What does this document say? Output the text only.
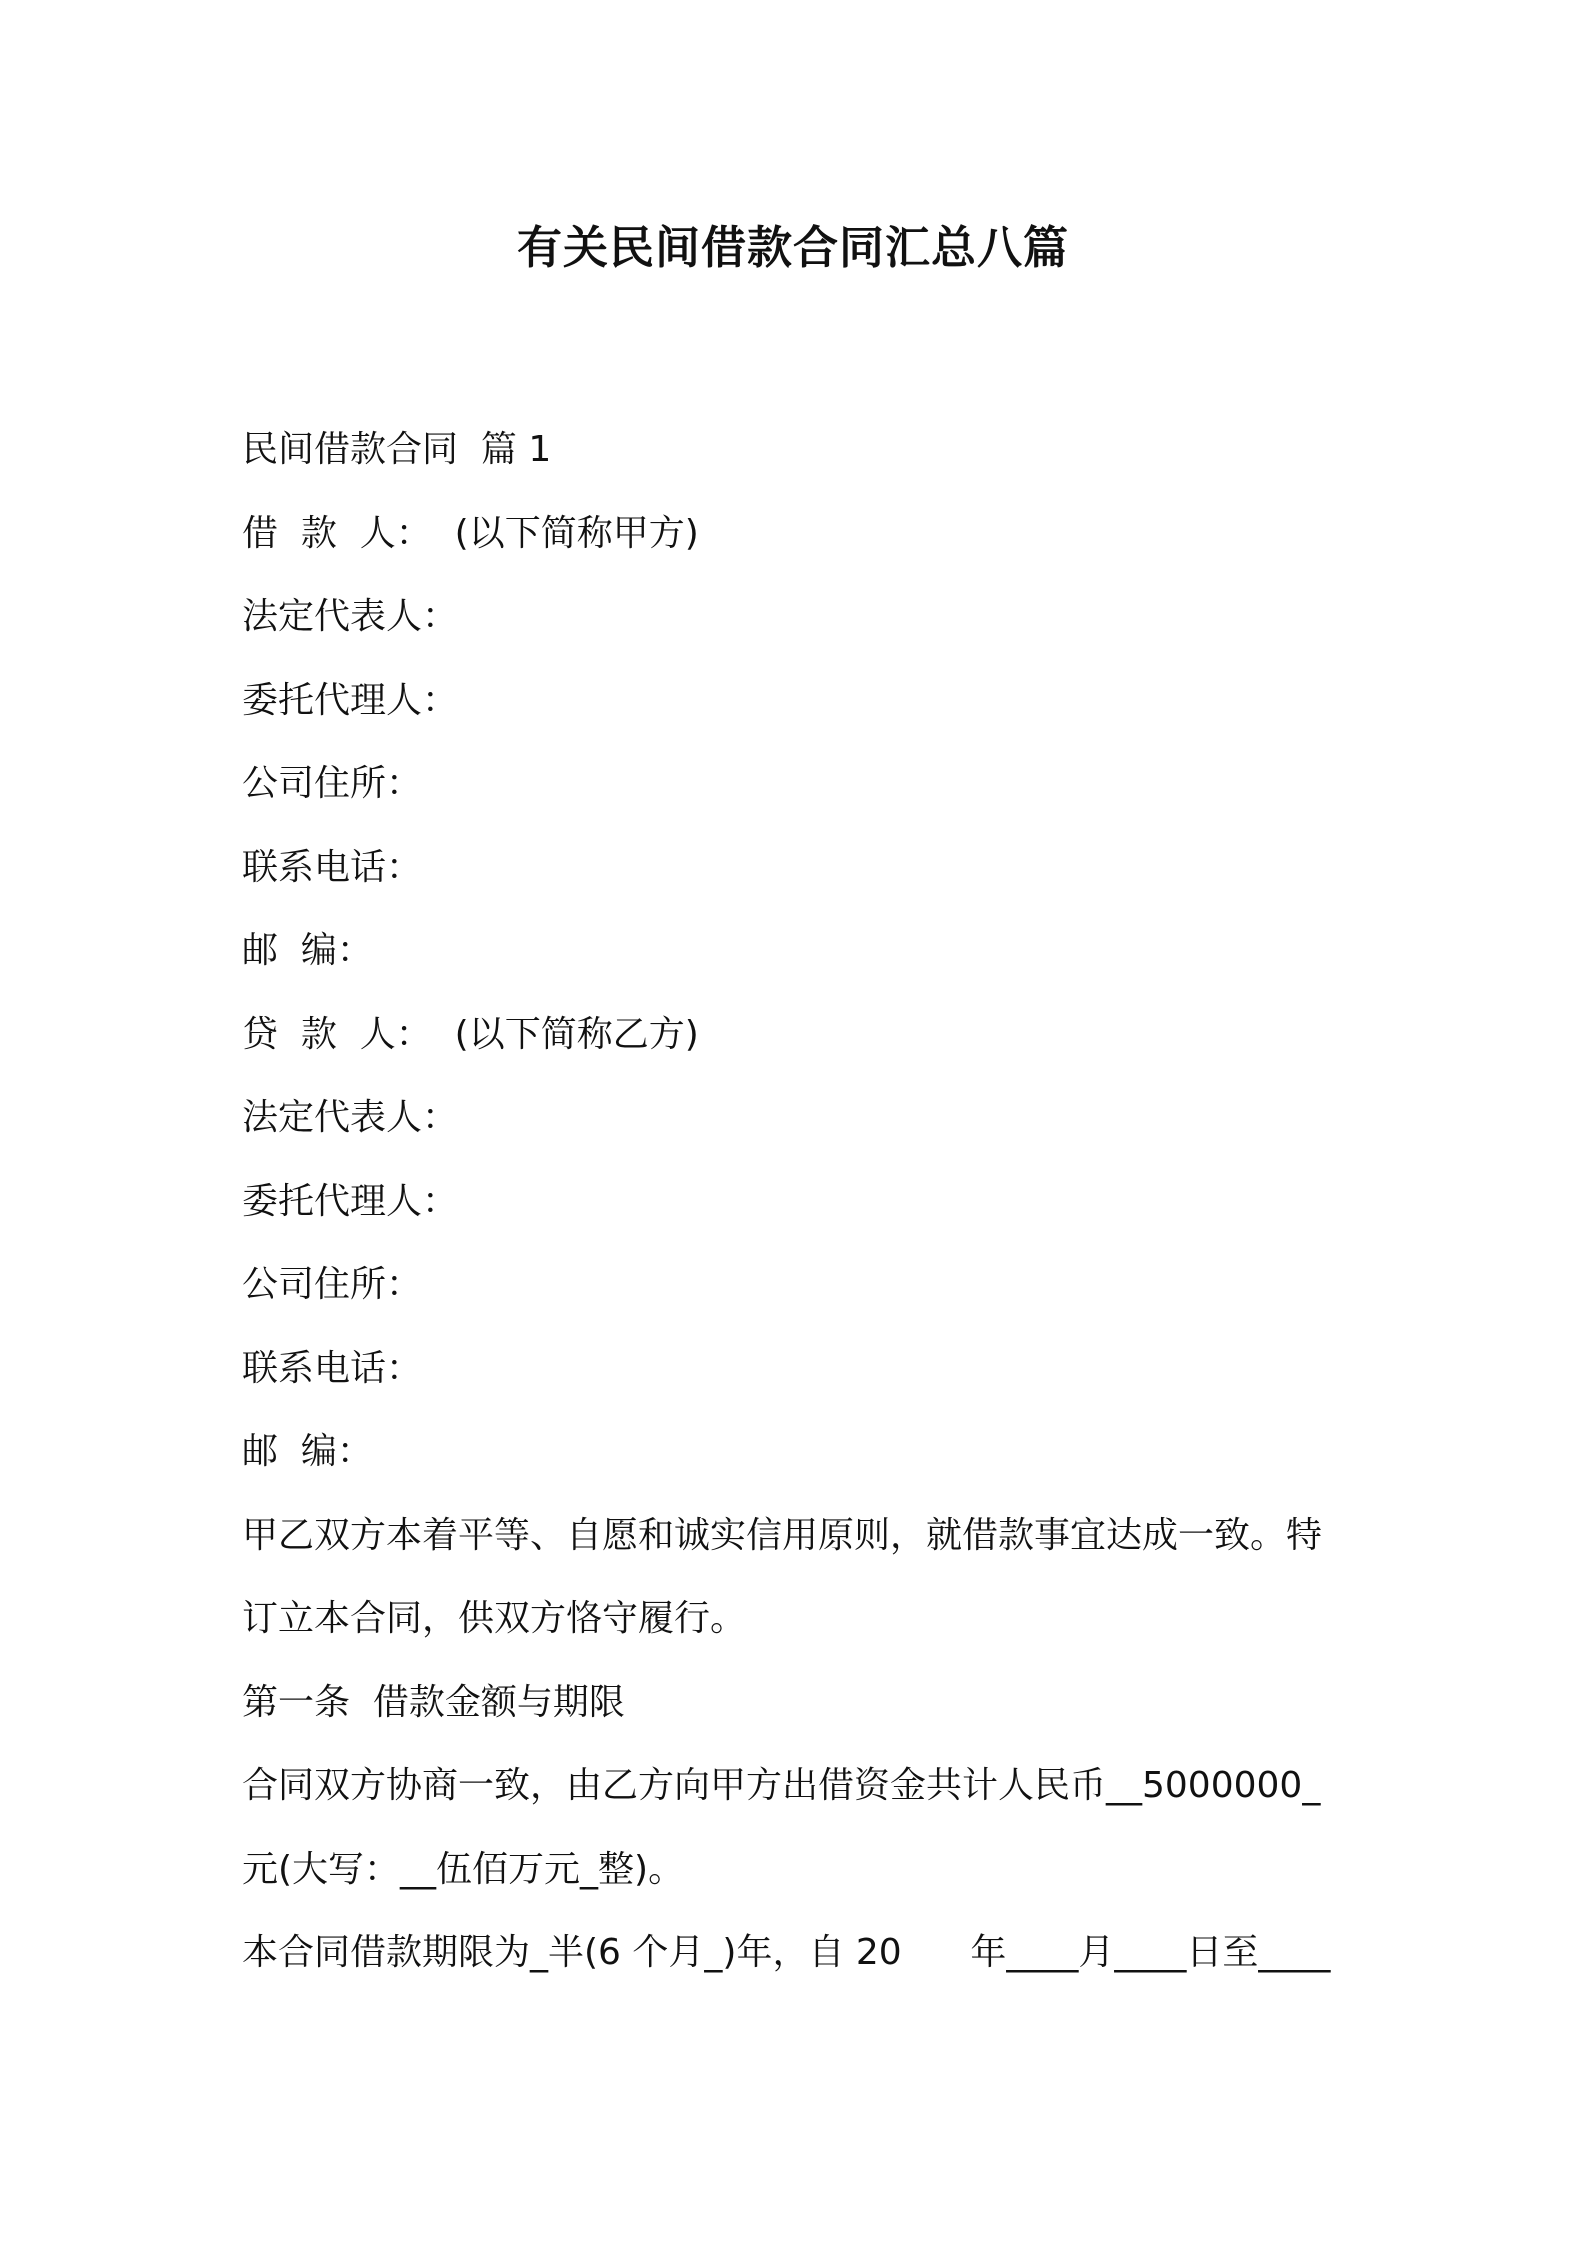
有关民间借款合同汇总八篇
民间借款合同  篇 1
借  款  人：  (以下简称甲方)
法定代表人：
委托代理人：
公司住所：
联系电话：
邮  编：
贷  款  人：  (以下简称乙方)
法定代表人：
委托代理人：
公司住所：
联系电话：
邮  编：
甲乙双方本着平等、自愿和诚实信用原则，就借款事宜达成一致。特
订立本合同，供双方恪守履行。
第一条  借款金额与期限
合同双方协商一致，由乙方向甲方出借资金共计人民币__5000000_
元(大写：__伍佰万元_整)。
本合同借款期限为_半(6 个月_)年，自 20      年____月____日至____
